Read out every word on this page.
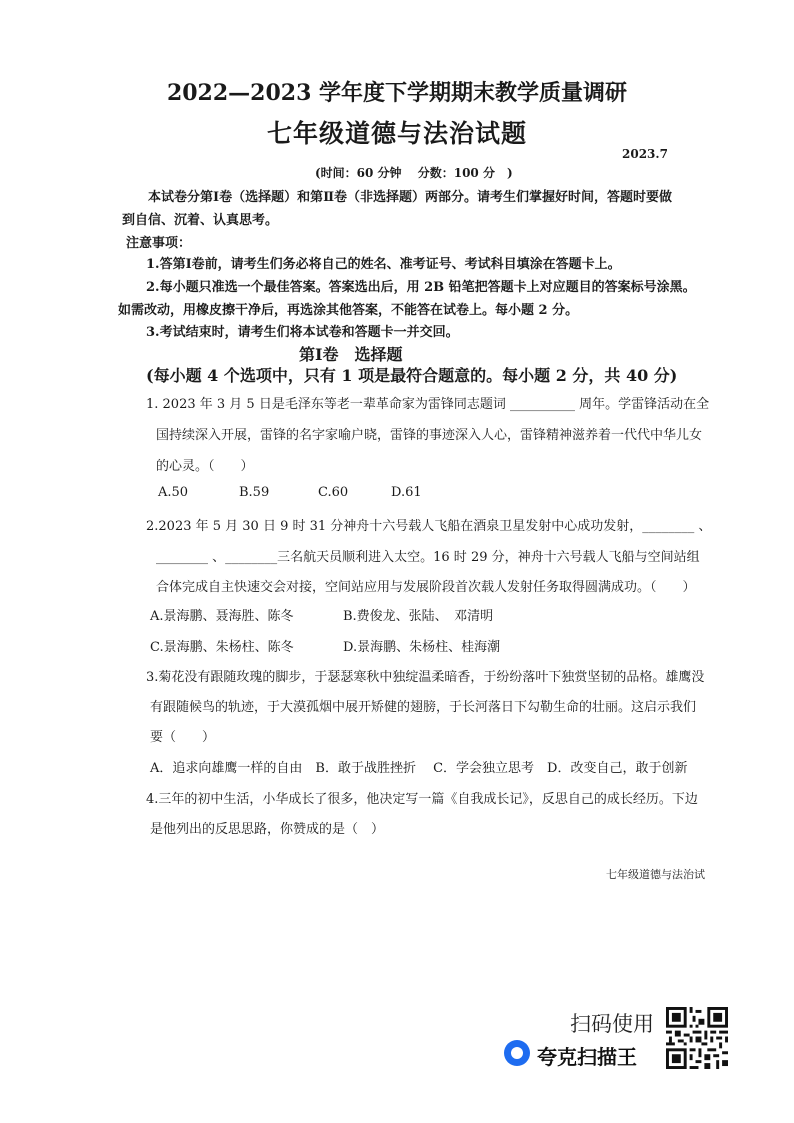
2022—2023 学年度下学期期末教学质量调研
七年级道德与法治试题
2023.7
(时间：60 分钟　 分数：100 分　)
本试卷分第Ⅰ卷（选择题）和第Ⅱ卷（非选择题）两部分。请考生们掌握好时间，答题时要做
到自信、沉着、认真思考。
注意事项：
1.答第Ⅰ卷前，请考生们务必将自己的姓名、准考证号、考试科目填涂在答题卡上。
2.每小题只准选一个最佳答案。答案选出后，用 2B 铅笔把答题卡上对应题目的答案标号涂黑。
如需改动，用橡皮擦干净后，再选涂其他答案，不能答在试卷上。每小题 2 分。
3.考试结束时，请考生们将本试卷和答题卡一并交回。
第Ⅰ卷　选择题
(每小题 4 个选项中，只有 1 项是最符合题意的。每小题 2 分，共 40 分)
1. 2023 年 3 月 5 日是毛泽东等老一辈革命家为雷锋同志题词 __________ 周年。学雷锋活动在全
国持续深入开展，雷锋的名字家喻户晓，雷锋的事迹深入人心，雷锋精神滋养着一代代中华儿女
的心灵。（　　）
A.50	B.59	C.60	D.61
2.2023 年 5 月 30 日 9 时 31 分神舟十六号载人飞船在酒泉卫星发射中心成功发射，________ 、
________ 、________三名航天员顺利进入太空。16 时 29 分，神舟十六号载人飞船与空间站组
合体完成自主快速交会对接，空间站应用与发展阶段首次载人发射任务取得圆满成功。（　　）
A.景海鹏、聂海胜、陈冬	B.费俊龙、张陆、　邓清明
C.景海鹏、朱杨柱、陈冬	D.景海鹏、朱杨柱、桂海潮
3.菊花没有跟随玫瑰的脚步，于瑟瑟寒秋中独绽温柔暗香，于纷纷落叶下独赏坚韧的品格。雄鹰没
有跟随候鸟的轨迹，于大漠孤烟中展开矫健的翅膀，于长河落日下勾勒生命的壮丽。这启示我们
要（　　）
A．追求向雄鹰一样的自由　B．敢于战胜挫折　 C．学会独立思考　D．改变自己，敢于创新
4.三年的初中生活，小华成长了很多，他决定写一篇《自我成长记》，反思自己的成长经历。下边
是他列出的反思思路，你赞成的是（　）
七年级道德与法治试
扫码使用
夸克扫描王
